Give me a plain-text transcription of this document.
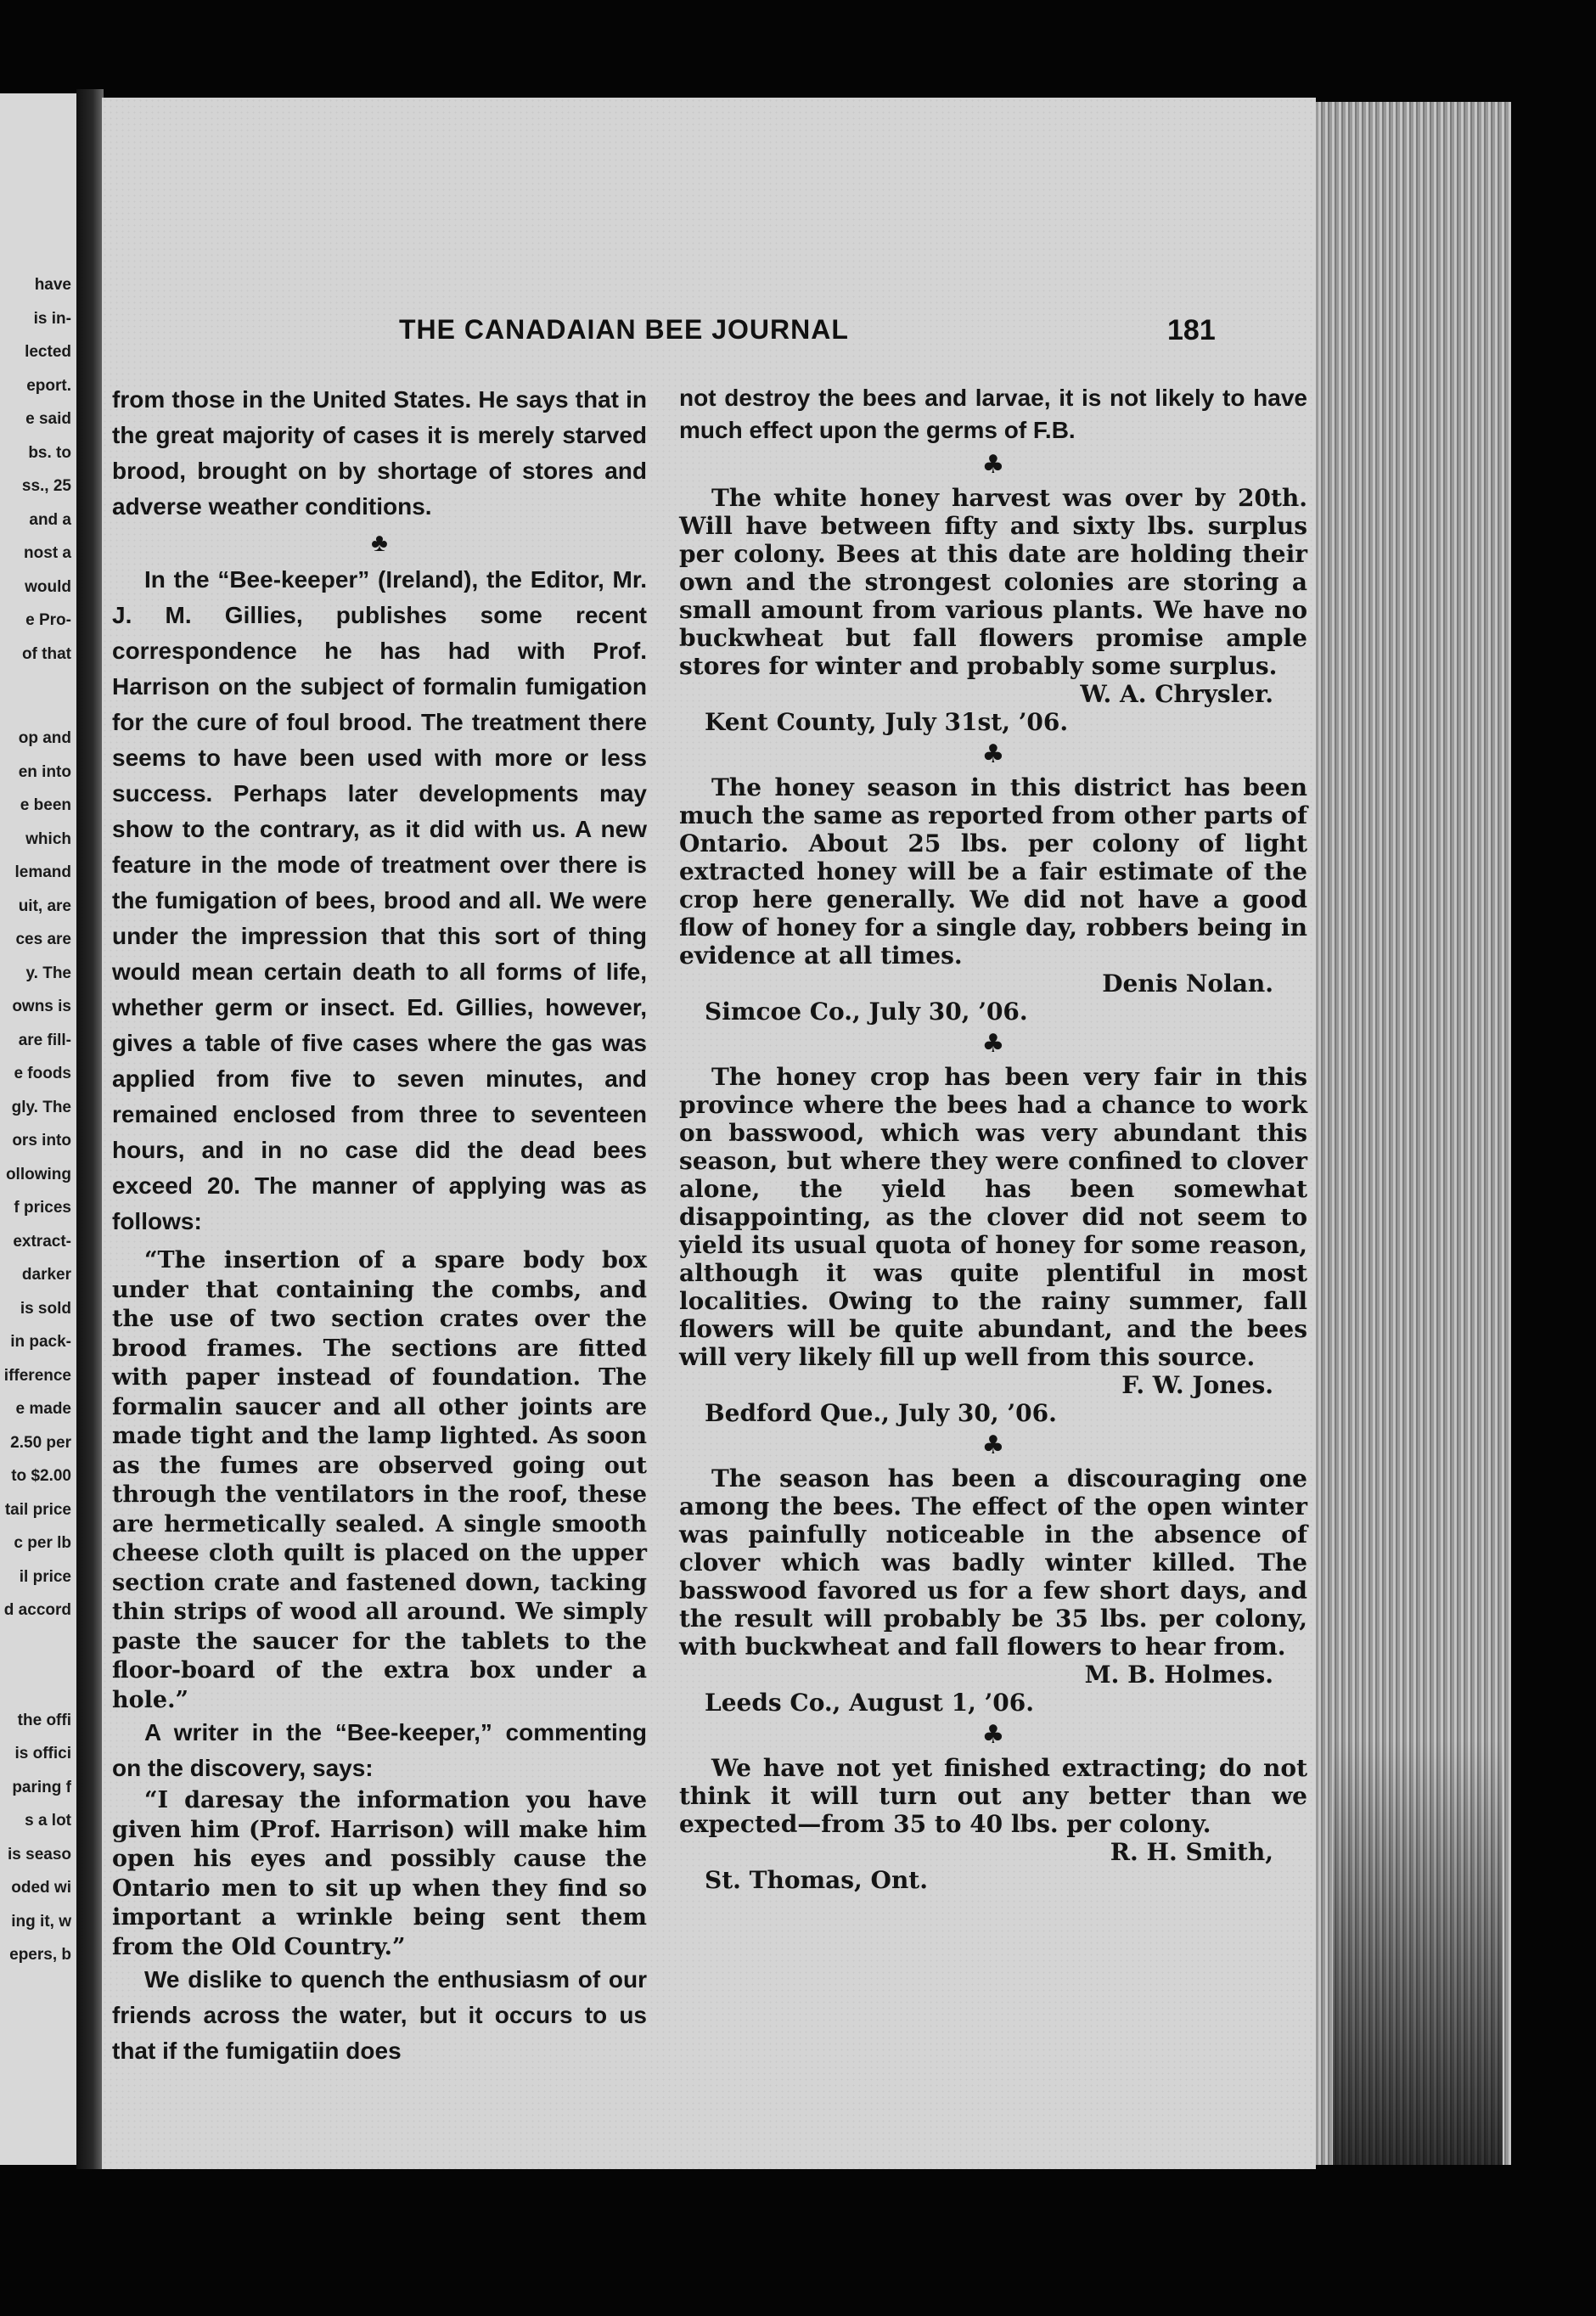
have
is in-
lected
eport.
e said
bs. to
ss., 25
and a
nost a
would
e Pro-
of that
op and
en into
e been
which
lemand
uit, are
ces are
y. The
owns is
are fill-
e foods
gly. The
ors into
ollowing
f prices
extract-
darker
is sold
in pack-
ifference
e made
2.50 per
to $2.00
tail price
c per lb
il price
d accord
the offi
is offici
paring f
s a lot
is seaso
oded wi
ing it, w
epers, b
THE CANADAIAN BEE JOURNAL	181

from those in the United States. He says that in the great majority of cases it is merely starved brood, brought on by shortage of stores and adverse weather conditions.

♣

In the “Bee-keeper” (Ireland), the Editor, Mr. J. M. Gillies, publishes some recent correspondence he has had with Prof. Harrison on the subject of formalin fumigation for the cure of foul brood. The treatment there seems to have been used with more or less success. Perhaps later developments may show to the contrary, as it did with us. A new feature in the mode of treatment over there is the fumigation of bees, brood and all. We were under the impression that this sort of thing would mean certain death to all forms of life, whether germ or insect. Ed. Gillies, however, gives a table of five cases where the gas was applied from five to seven minutes, and remained enclosed from three to seventeen hours, and in no case did the dead bees exceed 20. The manner of applying was as follows:

“The insertion of a spare body box under that containing the combs, and the use of two section crates over the brood frames. The sections are fitted with paper instead of foundation. The formalin saucer and all other joints are made tight and the lamp lighted. As soon as the fumes are observed going out through the ventilators in the roof, these are hermetically sealed. A single smooth cheese cloth quilt is placed on the upper section crate and fastened down, tacking thin strips of wood all around. We simply paste the saucer for the tablets to the floor-board of the extra box under a hole.”

A writer in the “Bee-keeper,” commenting on the discovery, says:

“I daresay the information you have given him (Prof. Harrison) will make him open his eyes and possibly cause the Ontario men to sit up when they find so important a wrinkle being sent them from the Old Country.”

We dislike to quench the enthusiasm of our friends across the water, but it occurs to us that if the fumigatiin does

not destroy the bees and larvae, it is not likely to have much effect upon the germs of F.B.

♣

The white honey harvest was over by 20th. Will have between fifty and sixty lbs. surplus per colony. Bees at this date are holding their own and the strongest colonies are storing a small amount from various plants. We have no buckwheat but fall flowers promise ample stores for winter and probably some surplus.

W. A. Chrysler.

Kent County, July 31st, ’06.

♣

The honey season in this district has been much the same as reported from other parts of Ontario. About 25 lbs. per colony of light extracted honey will be a fair estimate of the crop here generally. We did not have a good flow of honey for a single day, robbers being in evidence at all times.

Denis Nolan.

Simcoe Co., July 30, ’06.

♣

The honey crop has been very fair in this province where the bees had a chance to work on basswood, which was very abundant this season, but where they were confined to clover alone, the yield has been somewhat disappointing, as the clover did not seem to yield its usual quota of honey for some reason, although it was quite plentiful in most localities. Owing to the rainy summer, fall flowers will be quite abundant, and the bees will very likely fill up well from this source.

F. W. Jones.

Bedford Que., July 30, ’06.

♣

The season has been a discouraging one among the bees. The effect of the open winter was painfully noticeable in the absence of clover which was badly winter killed. The basswood favored us for a few short days, and the result will probably be 35 lbs. per colony, with buckwheat and fall flowers to hear from.

M. B. Holmes.

Leeds Co., August 1, ’06.

♣

We have not yet finished extracting; do not think it will turn out any better than we expected—from 35 to 40 lbs. per colony.

R. H. Smith,

St. Thomas, Ont.
